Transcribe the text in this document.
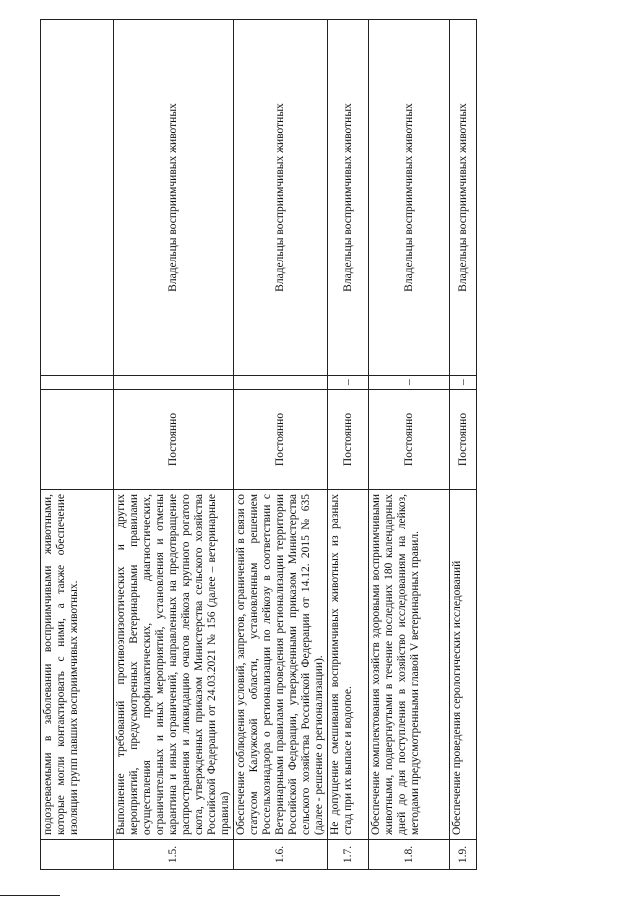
	подозреваемыми в заболевании восприимчивыми животными, которые могли контактировать с ними, а также обеспечение изоляции групп павших восприимчивых животных.			
1.5.	Выполнение требований противоэпизоотических и других мероприятий, предусмотренных Ветеринарными правилами осуществления профилактических, диагностических, ограничительных и иных мероприятий, установления и отмены карантина и иных ограничений, направленных на предотвращение распространения и ликвидацию очагов лейкоза крупного рогатого скота, утвержденных приказом Министерства сельского хозяйства Российской Федерации от 24.03.2021 № 156 (далее – ветеринарные правила)	Постоянно		Владельцы восприимчивых животных
1.6.	Обеспечение соблюдения условий, запретов, ограничений в связи со статусом Калужской области, установленным решением Россельхознадзора о регионализации по лейкозу в соответствии с Ветеринарными правилами проведения регионализации территории Российской Федерации, утвержденными приказом Министерства сельского хозяйства Российской Федерации от 14.12. 2015 № 635 (далее - решение о регионализации).	Постоянно		Владельцы восприимчивых животных
1.7.	Не допущение смешивания восприимчивых животных из разных стад при их выпасе и водопое.	Постоянно	–	Владельцы восприимчивых животных
1.8.	Обеспечение комплектования хозяйств здоровыми восприимчивыми животными, подвергнутыми в течение последних 180 календарных дней до дня поступления в хозяйство исследованиям на лейкоз, методами предусмотренными главой V ветеринарных правил.	Постоянно	–	Владельцы восприимчивых животных
1.9.	Обеспечение проведения серологических исследований	Постоянно	–	Владельцы восприимчивых животных
